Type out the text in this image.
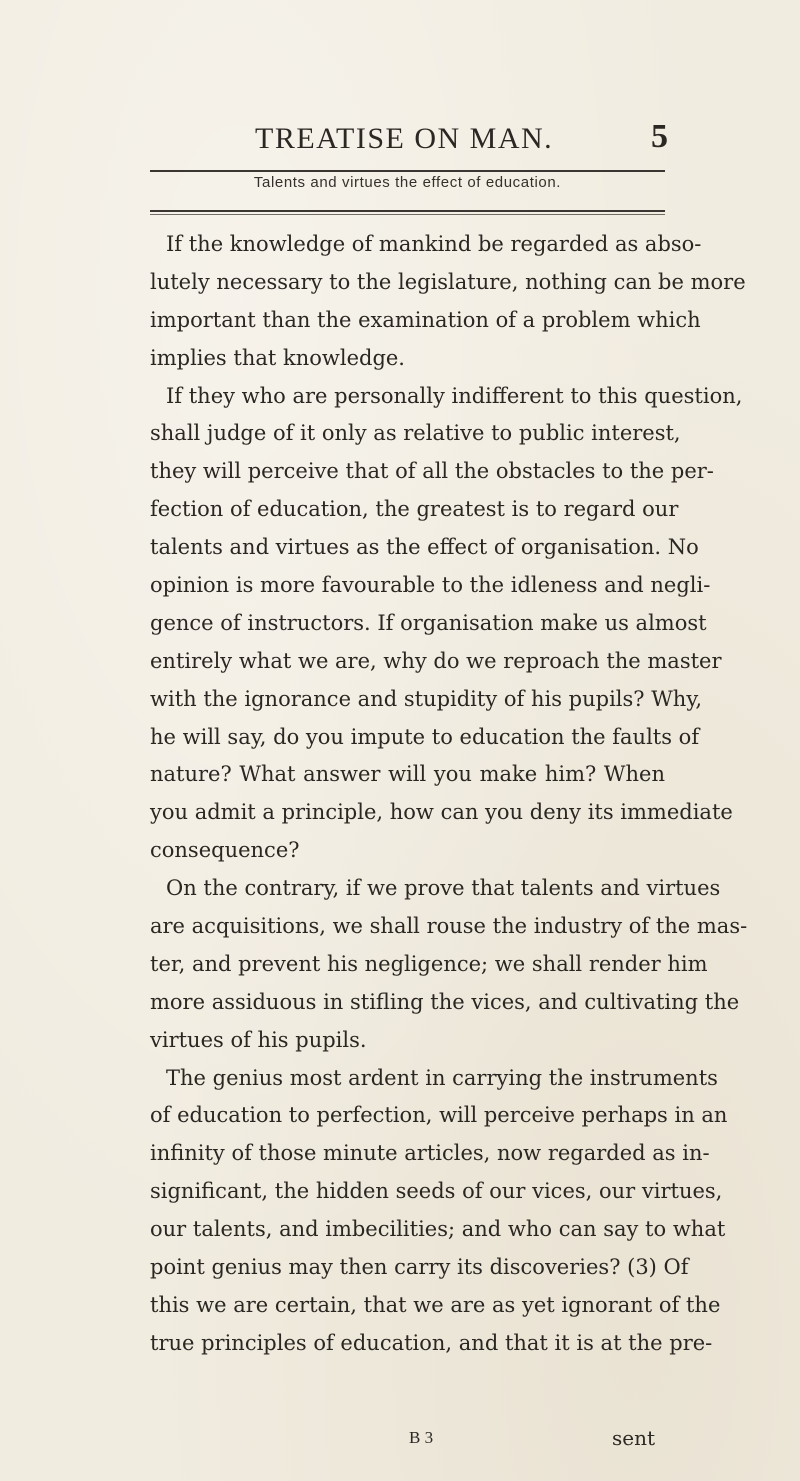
TREATISE ON MAN.	5
Talents and virtues the effect of education.
If the knowledge of mankind be regarded as abso-
lutely necessary to the legislature, nothing can be more
important than the examination of a problem which
implies that knowledge.
If they who are personally indifferent to this question,
shall judge of it only as relative to public interest,
they will perceive that of all the obstacles to the per-
fection of education, the greatest is to regard our
talents and virtues as the effect of organisation. No
opinion is more favourable to the idleness and negli-
gence of instructors. If organisation make us almost
entirely what we are, why do we reproach the master
with the ignorance and stupidity of his pupils? Why,
he will say, do you impute to education the faults of
nature? What answer will you make him? When
you admit a principle, how can you deny its immediate
consequence?
On the contrary, if we prove that talents and virtues
are acquisitions, we shall rouse the industry of the mas-
ter, and prevent his negligence; we shall render him
more assiduous in stifling the vices, and cultivating the
virtues of his pupils.
The genius most ardent in carrying the instruments
of education to perfection, will perceive perhaps in an
infinity of those minute articles, now regarded as in-
significant, the hidden seeds of our vices, our virtues,
our talents, and imbecilities; and who can say to what
point genius may then carry its discoveries? (3) Of
this we are certain, that we are as yet ignorant of the
true principles of education, and that it is at the pre-
B 3	sent
